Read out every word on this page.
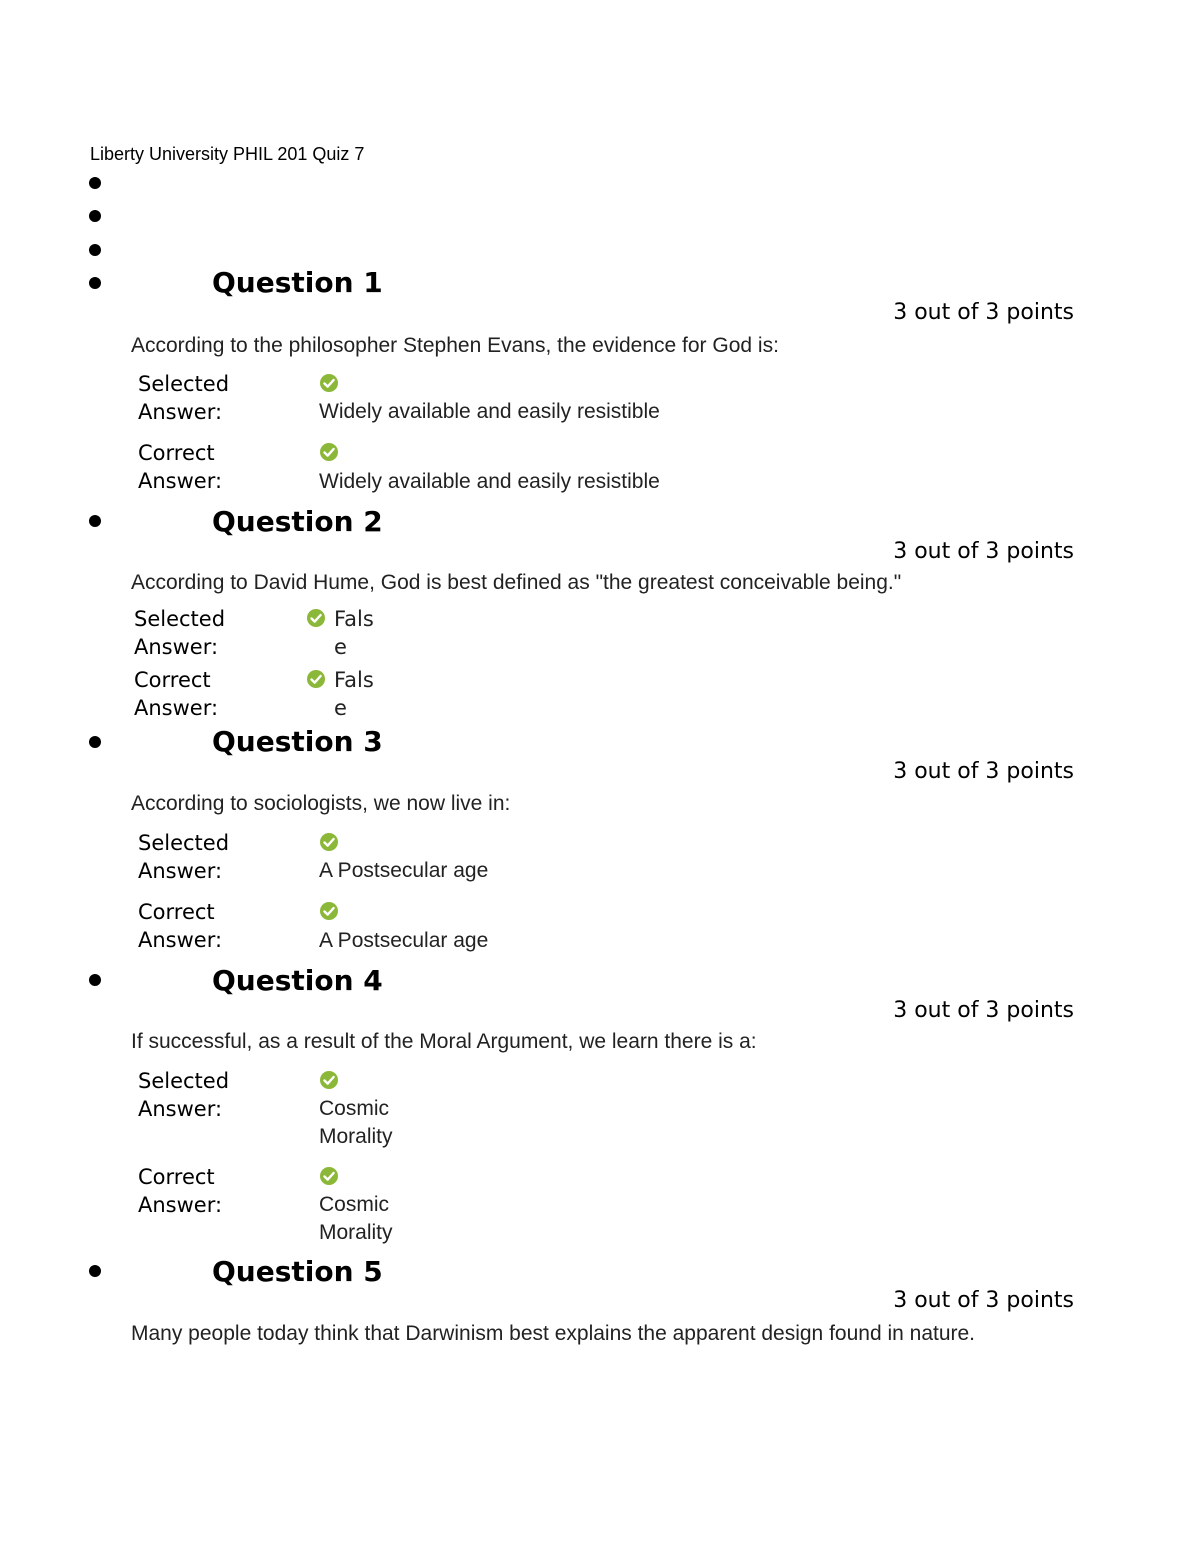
Liberty University PHIL 201 Quiz 7
Question 1
3 out of 3 points
According to the philosopher Stephen Evans, the evidence for God is:
Selected Answer:	Widely available and easily resistible
Correct Answer:	Widely available and easily resistible
Question 2
3 out of 3 points
According to David Hume, God is best defined as "the greatest conceivable being."
Selected Answer:
False
Correct Answer:
False
Question 3
3 out of 3 points
According to sociologists, we now live in:
Selected Answer:	A Postsecular age
Correct Answer:	A Postsecular age
Question 4
3 out of 3 points
If successful, as a result of the Moral Argument, we learn there is a:
Selected Answer:	Cosmic Morality
Correct Answer:	Cosmic Morality
Question 5
3 out of 3 points
Many people today think that Darwinism best explains the apparent design found in nature.
